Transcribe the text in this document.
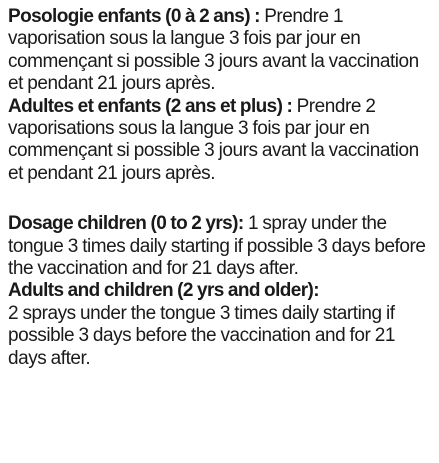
Posologie enfants (0 à 2 ans) : Prendre 1 vaporisation sous la langue 3 fois par jour en commençant si possible 3 jours avant la vaccination et pendant 21 jours après.

Adultes et enfants (2 ans et plus) : Prendre 2 vaporisations sous la langue 3 fois par jour en commençant si possible 3 jours avant la vaccination et pendant 21 jours après.

Dosage children (0 to 2 yrs): 1 spray under the tongue 3 times daily starting if possible 3 days before the vaccination and for 21 days after.

Adults and children (2 yrs and older):
2 sprays under the tongue 3 times daily starting if possible 3 days before the vaccination and for 21 days after.
